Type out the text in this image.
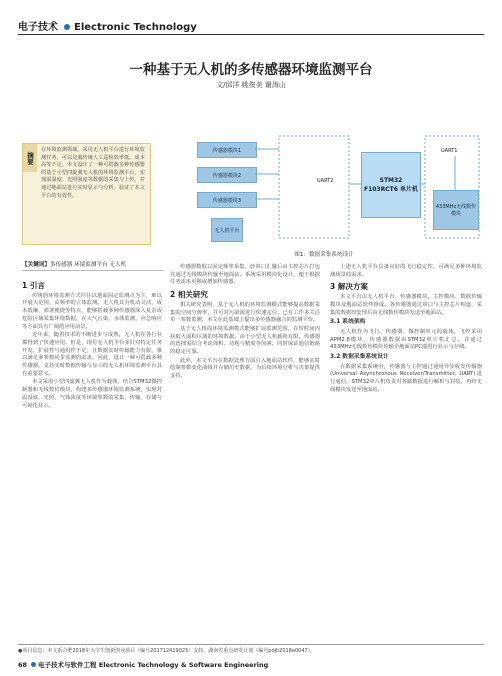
电子技术 Electronic Technology
一种基于无人机的多传感器环境监测平台
文/邱洋 姚俊美 谢涛山
摘要
在环境监测领域，采用无人机平台进行环境监测任务，可以克服传统人工巡检效率低、成本高等不足。本文设计了一种可搭载多种传感器的基于小型四旋翼无人机的环境监测平台，实现温湿度、光照强度等数据的采集与上传，并通过地面站进行实时显示与分析，验证了本文平台的有效性。
【关键词】多传感器 环境监测平台 无人机
传感器模块1
传感器模块2
传感器模块3
无人机平台
UART2	STM32 F103RCT6 单片机
UART1
433MHz无线数传模块
图1：数据采集系统设计
1 引言

传统的环境监测方式往往以地面固定监测点为主，难以开展大范围、高频率的立体监测。无人机具有机动灵活、成本低廉、部署便捷等特点，能够搭载多种传感器深入复杂或危险区域采集环境数据，在大气污染、水体监测、应急响应等方面具有广阔的应用前景。

近年来，随着技术的不断进步与成熟，无人机在各行业都得到了快速应用。但是，现有无人机平台多针对特定任务开发，扩展性与通用性不足，且数据实时传输能力有限，难以满足多参数同步监测的需求。因此，设计一种可搭载多种传感器、支持实时数据传输与显示的无人机环境监测平台具有重要意义。

本文采用小型四旋翼无人机作为载体，结合STM32微控制器和无线数传模块，构建多传感器环境监测系统，实现对温湿度、光照、气体浓度等环境参数的采集、传输、存储与可视化显示。

传感器数据以固定频率采集，经串口汇聚后由主控芯片打包并通过无线模块传输至地面站。系统采用模块化设计，便于根据任务需求更换或增加传感器。

2 相关研究

相关研究表明，基于无人机的环境监测模式能够提高数据采集的空间分辨率，并可对污染源进行快速定位。已有工作多关注单一参数监测，本文在此基础上提出多传感器融合的监测平台。

基于无人机的环境监测模式能够扩展监测范围，在短时间内获取大面积区域的环境数据。由于小型无人机载荷有限，传感器的选择需综合考虑体积、功耗与精度等因素，同时保证通信链路的稳定可靠。

此外，本文平台在数据处理方面引入地面站软件，能够实时绘制参数变化曲线并存储历史数据，为后续环境分析与决策提供支持。

上述无人机平台具备良好的飞行稳定性，可满足多种环境监测场景的需求。

3 解决方案

本文平台由无人机平台、传感器模块、主控模块、数据传输模块及地面站软件组成。各传感器通过串口与主控芯片相连，采集的数据经处理后由无线数传模块发送至地面站。

3.1 系统架构

无人机作为飞行、传感器、微控制单元的载体，飞控采用APM2.8模块，传感器数据由STM32单片机汇总，并通过433MHz无线数传模块传输至地面站PC端进行显示与存储。

3.2 数据采集系统设计

在数据采集系统中，传感器与主控通过通用异步收发传输器(Universal Asynchronous Receiver/Transmitter, UART)进行通信，STM32单片机负责对各路数据进行解析与封装，再经无线模块发送至地面站。

●项目信息：本文系合肥2018年大学生创新创业项目（编号201712419025）支持，湖南省重点研发计划（编号pdjh2018a0047）。
68 电子技术与软件工程 Electronic Technology & Software Engineering
